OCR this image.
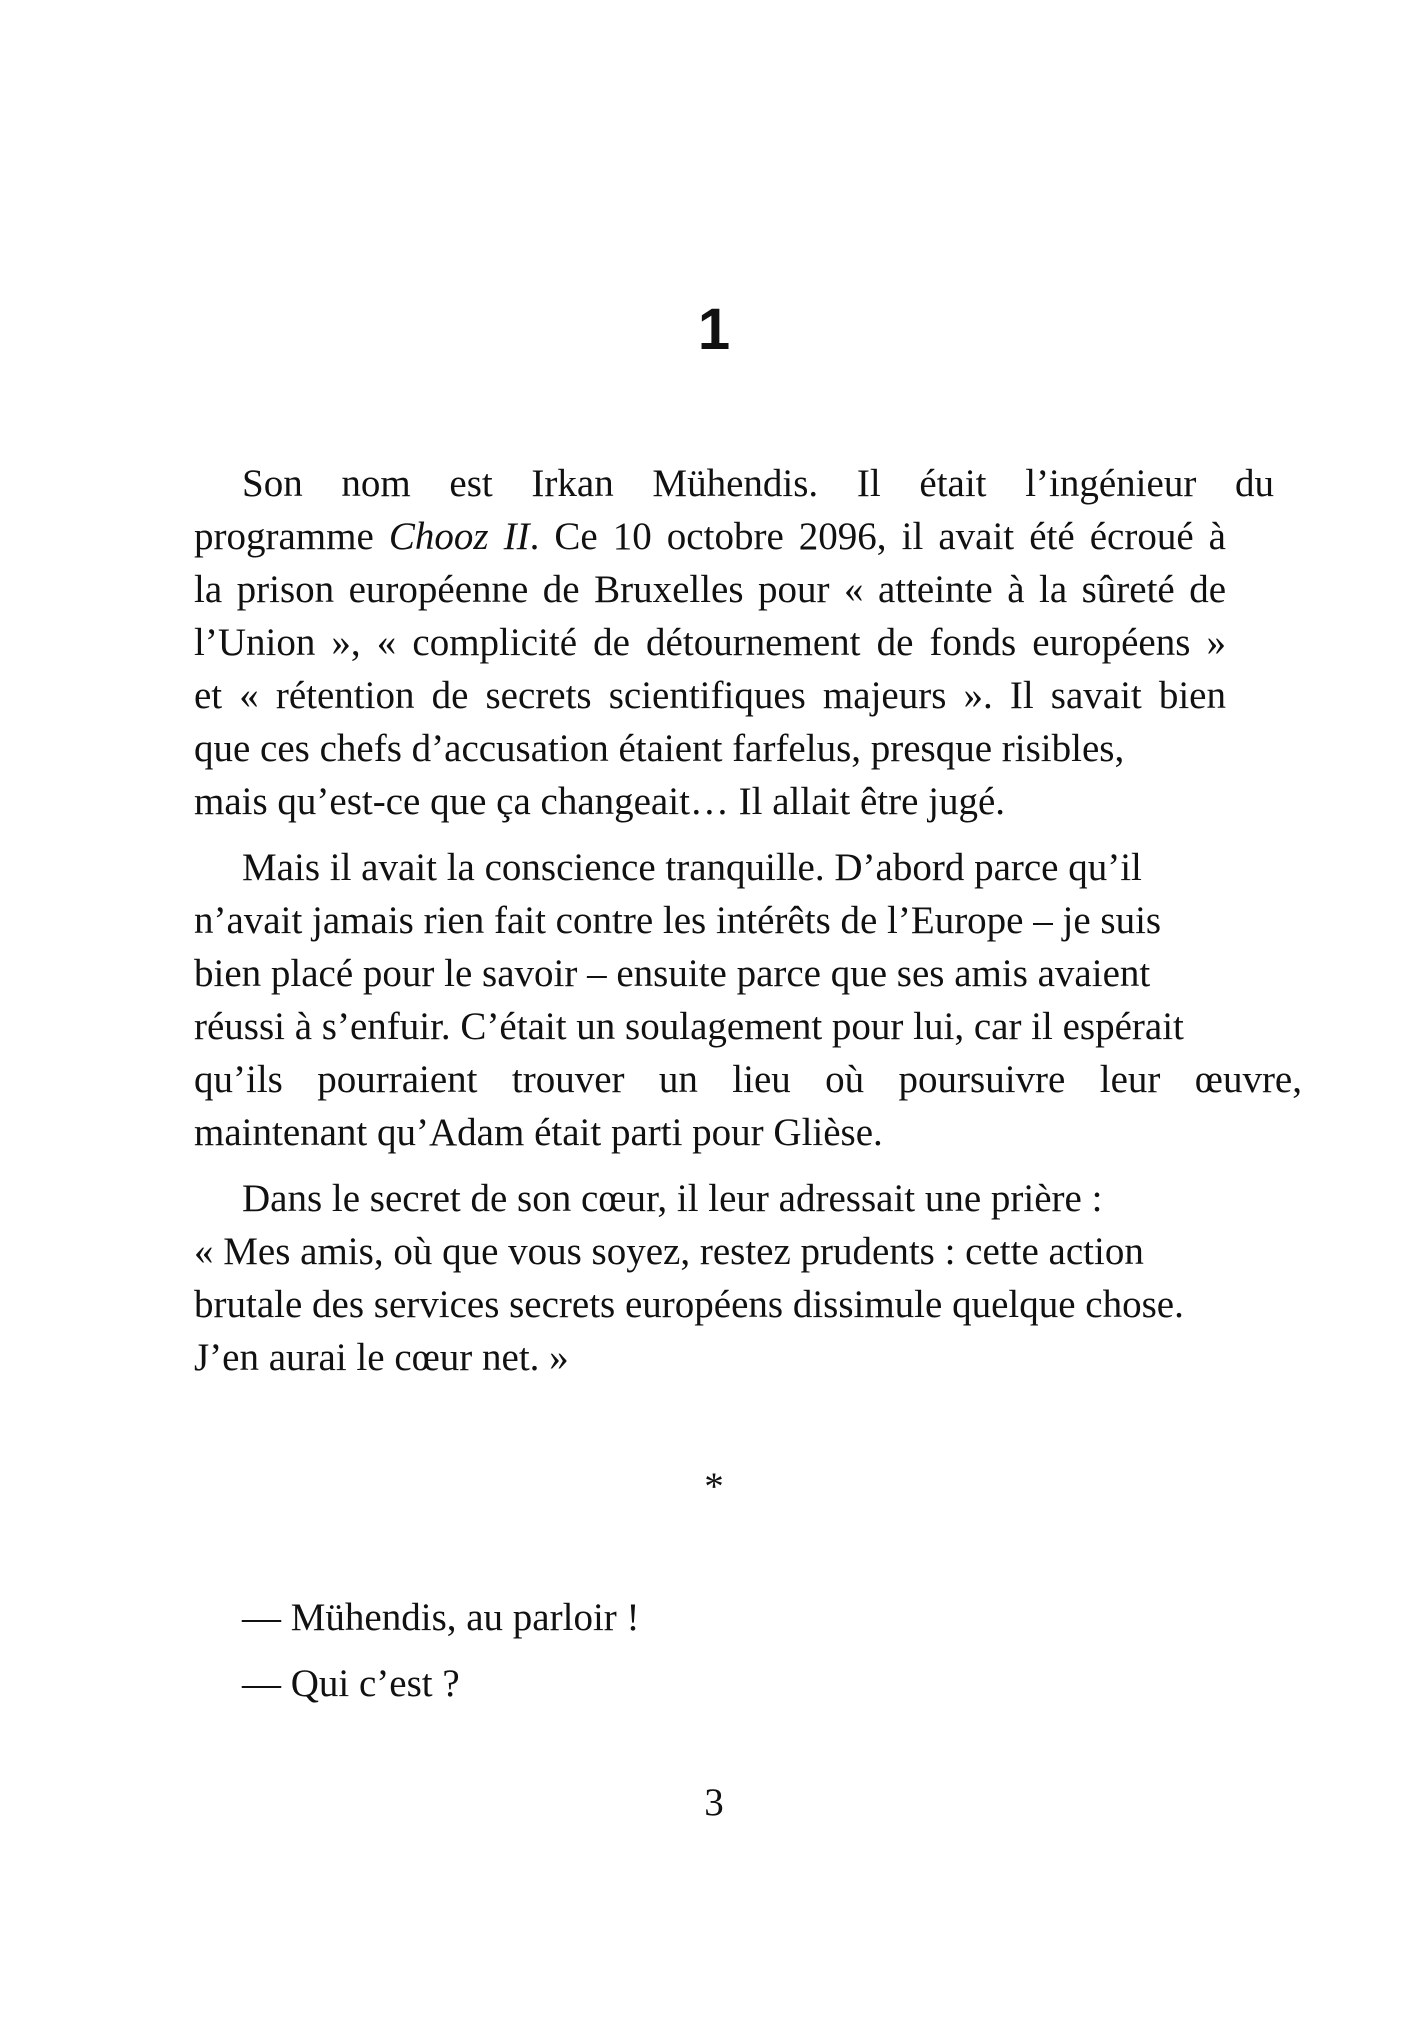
1
Son nom est Irkan Mühendis. Il était l’ingénieur du
programme Chooz II. Ce 10 octobre 2096, il avait été écroué à
la prison européenne de Bruxelles pour « atteinte à la sûreté de
l’Union », « complicité de détournement de fonds européens »
et « rétention de secrets scientifiques majeurs ». Il savait bien
que ces chefs d’accusation étaient farfelus, presque risibles,
mais qu’est-ce que ça changeait… Il allait être jugé.
Mais il avait la conscience tranquille. D’abord parce qu’il
n’avait jamais rien fait contre les intérêts de l’Europe – je suis
bien placé pour le savoir – ensuite parce que ses amis avaient
réussi à s’enfuir. C’était un soulagement pour lui, car il espérait
qu’ils pourraient trouver un lieu où poursuivre leur œuvre,
maintenant qu’Adam était parti pour Glièse.
Dans le secret de son cœur, il leur adressait une prière :
« Mes amis, où que vous soyez, restez prudents : cette action
brutale des services secrets européens dissimule quelque chose.
J’en aurai le cœur net. »
*
— Mühendis, au parloir !
— Qui c’est ?
3
